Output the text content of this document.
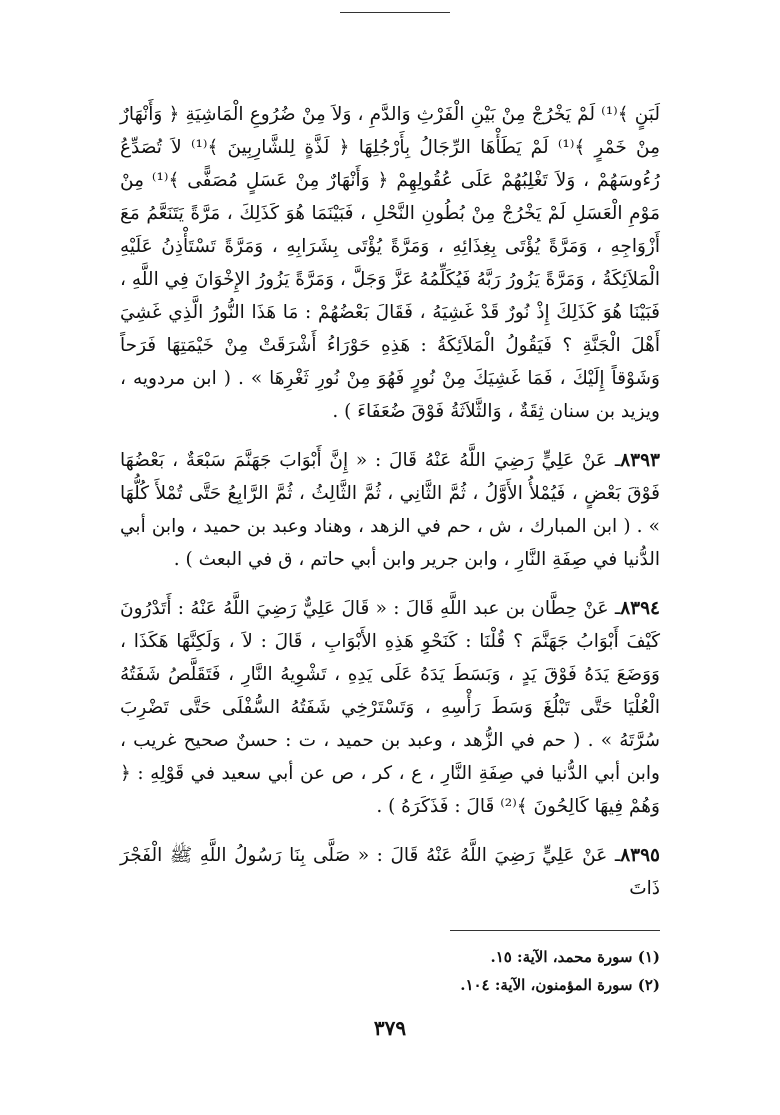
لَبَنٍ ﴾⁽¹⁾ لَمْ يَخْرُجْ مِنْ بَيْنِ الْفَرْثِ وَالدَّمِ ، وَلاَ مِنْ ضُرُوعِ الْمَاشِيَةِ ﴿ وَأَنْهَارٌ مِنْ خَمْرٍ ﴾⁽¹⁾ لَمْ يَطَأْهَا الرِّجَالُ بِأَرْجُلِهَا ﴿ لَذَّةٍ لِلشَّارِبِينَ ﴾⁽¹⁾ لاَ تُصَدِّعُ رُءُوسَهُمْ ، وَلاَ تَغْلِبُهُمْ عَلَى عُقُولِهِمْ ﴿ وَأَنْهَارٌ مِنْ عَسَلٍ مُصَفًّى ﴾⁽¹⁾ مِنْ مَوْمِ الْعَسَلِ لَمْ يَخْرُجْ مِنْ بُطُونِ النَّحْلِ ، فَبَيْنَمَا هُوَ كَذَلِكَ ، مَرَّةً يَتَنَعَّمُ مَعَ أَزْوَاجِهِ ، وَمَرَّةً يُؤْتَى بِغِذَائِهِ ، وَمَرَّةً يُؤْتَى بِشَرَابِهِ ، وَمَرَّةً تَسْتَأْذِنُ عَلَيْهِ الْمَلاَئِكَةُ ، وَمَرَّةً يَزُورُ رَبَّهُ فَيُكَلِّمُهُ عَزَّ وَجَلَّ ، وَمَرَّةً يَزُورُ الإِخْوَانَ فِي اللَّهِ ، فَبَيْنَا هُوَ كَذَلِكَ إِذْ نُورٌ قَدْ غَشِيَهُ ، فَقَالَ بَعْضُهُمْ : مَا هَذَا النُّورُ الَّذِي غَشِيَ أَهْلَ الْجَنَّةِ ؟ فَيَقُولُ الْمَلاَئِكَةُ : هَذِهِ حَوْرَاءُ أَشْرَقَتْ مِنْ خَيْمَتِهَا فَرَحاً وَشَوْقاً إِلَيْكَ ، فَمَا غَشِيَكَ مِنْ نُورٍ فَهُوَ مِنْ نُورِ ثَغْرِهَا » . ( ابن مردويه ، ويزيد بن سنان ثِقَةٌ ، وَالثَّلاَثَةُ فَوْقَ ضُعَفَاءَ ) .

٨٣٩٣ـ عَنْ عَلِيٍّ رَضِيَ اللَّهُ عَنْهُ قَالَ : « إِنَّ أَبْوَابَ جَهَنَّمَ سَبْعَةٌ ، بَعْضُهَا فَوْقَ بَعْضٍ ، فَيُمْلأُ الأَوَّلُ ، ثُمَّ الثَّانِي ، ثُمَّ الثَّالِثُ ، ثُمَّ الرَّابِعُ حَتَّى تُمْلأَ كُلُّهَا » . ( ابن المبارك ، ش ، حم في الزهد ، وهناد وعبد بن حميد ، وابن أبي الدُّنيا في صِفَةِ النَّارِ ، وابن جرير وابن أبي حاتم ، ق في البعث ) .

٨٣٩٤ـ عَنْ حِطَّان بن عبد اللَّهِ قَالَ : « قَالَ عَلِيٌّ رَضِيَ اللَّهُ عَنْهُ : أَتَدْرُونَ كَيْفَ أَبْوَابُ جَهَنَّمَ ؟ قُلْنَا : كَنَحْوِ هَذِهِ الأَبْوَابِ ، قَالَ : لاَ ، وَلَكِنَّهَا هَكَذَا ، وَوَضَعَ يَدَهُ فَوْقَ يَدٍ ، وَبَسَطَ يَدَهُ عَلَى يَدِهِ ، تَشْوِيهُ النَّارِ ، فَتَقَلَّصُ شَفَتُهُ الْعُلْيَا حَتَّى تَبْلُغَ وَسَطَ رَأْسِهِ ، وَتَسْتَرْخِي شَفَتُهُ السُّفْلَى حَتَّى تَضْرِبَ سُرَّتَهُ » . ( حم في الزُّهد ، وعبد بن حميد ، ت : حسنٌ صحيح غريب ، وابن أبي الدُّنيا في صِفَةِ النَّارِ ، ع ، كر ، ص عن أبي سعيد في قَوْلِهِ : ﴿ وَهُمْ فِيهَا كَالِحُونَ ﴾⁽²⁾ قَالَ : فَذَكَرَهُ ) .

٨٣٩٥ـ عَنْ عَلِيٍّ رَضِيَ اللَّهُ عَنْهُ قَالَ : « صَلَّى بِنَا رَسُولُ اللَّهِ ﷺ الْفَجْرَ ذَاتَ

(١) سورة محمد، الآية: ١٥.

(٢) سورة المؤمنون، الآية: ١٠٤.

٣٧٩
